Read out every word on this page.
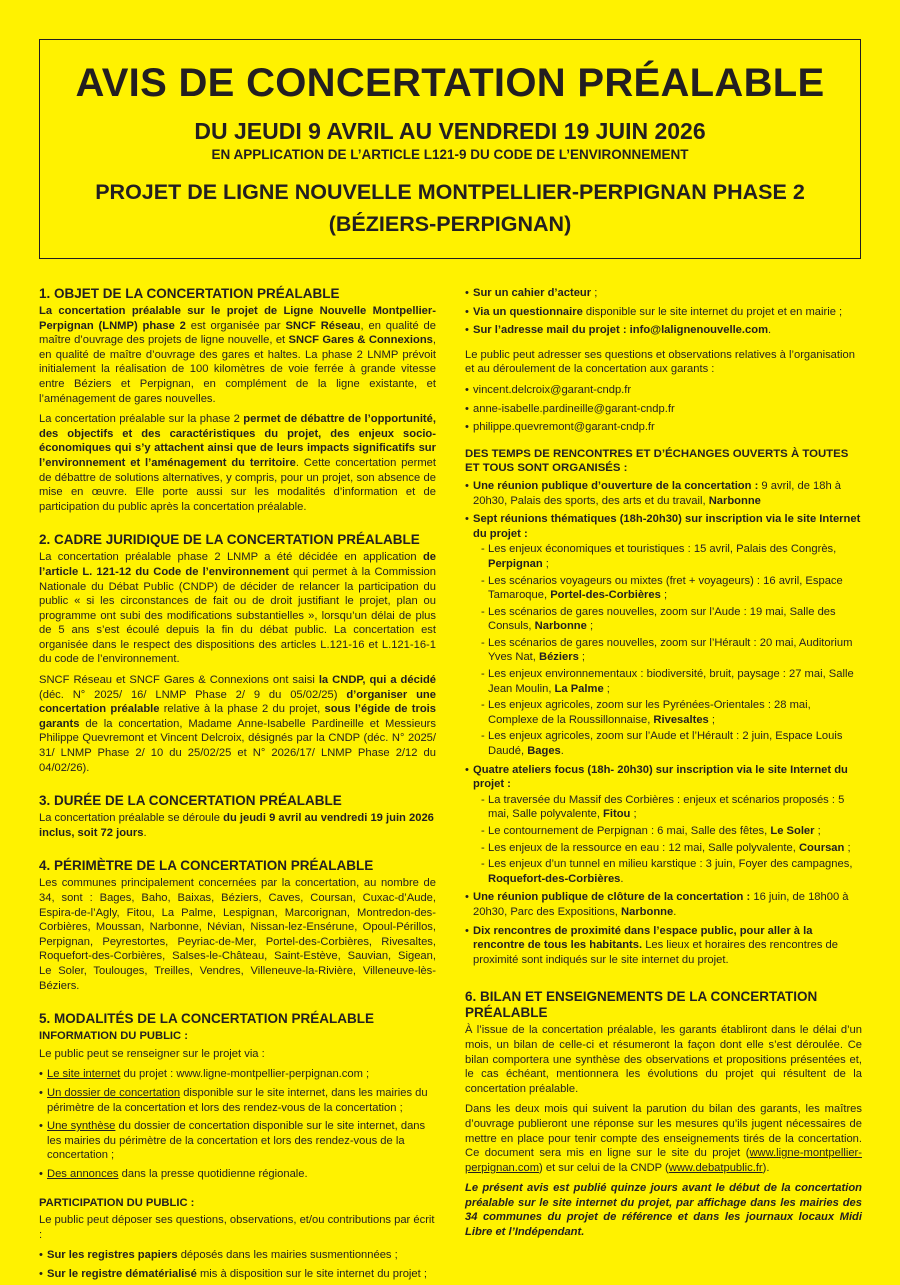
AVIS DE CONCERTATION PRÉALABLE
DU JEUDI 9 AVRIL AU VENDREDI 19 JUIN 2026
EN APPLICATION DE L’ARTICLE L121-9 DU CODE DE L’ENVIRONNEMENT
PROJET DE LIGNE NOUVELLE MONTPELLIER-PERPIGNAN PHASE 2
(BÉZIERS-PERPIGNAN)
1. OBJET DE LA CONCERTATION PRÉALABLE

La concertation préalable sur le projet de Ligne Nouvelle Montpellier-Perpignan (LNMP) phase 2 est organisée par SNCF Réseau, en qualité de maître d’ouvrage des projets de ligne nouvelle, et SNCF Gares & Connexions, en qualité de maître d’ouvrage des gares et haltes. La phase 2 LNMP prévoit initialement la réalisation de 100 kilomètres de voie ferrée à grande vitesse entre Béziers et Perpignan, en complément de la ligne existante, et l’aménagement de gares nouvelles.

La concertation préalable sur la phase 2 permet de débattre de l’opportunité, des objectifs et des caractéristiques du projet, des enjeux socio-économiques qui s’y attachent ainsi que de leurs impacts significatifs sur l’environnement et l’aménagement du territoire. Cette concertation permet de débattre de solutions alternatives, y compris, pour un projet, son absence de mise en œuvre. Elle porte aussi sur les modalités d’information et de participation du public après la concertation préalable.

2. CADRE JURIDIQUE DE LA CONCERTATION PRÉALABLE

La concertation préalable phase 2 LNMP a été décidée en application de l’article L. 121-12 du Code de l’environnement qui permet à la Commission Nationale du Débat Public (CNDP) de décider de relancer la participation du public « si les circonstances de fait ou de droit justifiant le projet, plan ou programme ont subi des modifications substantielles », lorsqu’un délai de plus de 5 ans s’est écoulé depuis la fin du débat public. La concertation est organisée dans le respect des dispositions des articles L.121-16 et L.121-16-1 du code de l’environnement.

SNCF Réseau et SNCF Gares & Connexions ont saisi la CNDP, qui a décidé (déc. N° 2025/ 16/ LNMP Phase 2/ 9 du 05/02/25) d’organiser une concertation préalable relative à la phase 2 du projet, sous l’égide de trois garants de la concertation, Madame Anne-Isabelle Pardineille et Messieurs Philippe Quevremont et Vincent Delcroix, désignés par la CNDP (déc. N° 2025/ 31/ LNMP Phase 2/ 10 du 25/02/25 et N° 2026/17/ LNMP Phase 2/12 du 04/02/26).

3. DURÉE DE LA CONCERTATION PRÉALABLE

La concertation préalable se déroule du jeudi 9 avril au vendredi 19 juin 2026 inclus, soit 72 jours.

4. PÉRIMÈTRE DE LA CONCERTATION PRÉALABLE

Les communes principalement concernées par la concertation, au nombre de 34, sont : Bages, Baho, Baixas, Béziers, Caves, Coursan, Cuxac-d’Aude, Espira-de-l’Agly, Fitou, La Palme, Lespignan, Marcorignan, Montredon-des-Corbières, Moussan, Narbonne, Névian, Nissan-lez-Ensérune, Opoul-Périllos, Perpignan, Peyrestortes, Peyriac-de-Mer, Portel-des-Corbières, Rivesaltes, Roquefort-des-Corbières, Salses-le-Château, Saint-Estève, Sauvian, Sigean, Le Soler, Toulouges, Treilles, Vendres, Villeneuve-la-Rivière, Villeneuve-lès-Béziers.

5. MODALITÉS DE LA CONCERTATION PRÉALABLE
INFORMATION DU PUBLIC :

Le public peut se renseigner sur le projet via :

• Le site internet du projet : www.ligne-montpellier-perpignan.com ;
• Un dossier de concertation disponible sur le site internet, dans les mairies du périmètre de la concertation et lors des rendez-vous de la concertation ;
• Une synthèse du dossier de concertation disponible sur le site internet, dans les mairies du périmètre de la concertation et lors des rendez-vous de la concertation ;
• Des annonces dans la presse quotidienne régionale.
PARTICIPATION DU PUBLIC :

Le public peut déposer ses questions, observations, et/ou contributions par écrit :

• Sur les registres papiers déposés dans les mairies susmentionnées ;
• Sur le registre dématérialisé mis à disposition sur le site internet du projet ;
• Sur un cahier d’acteur ;
• Via un questionnaire disponible sur le site internet du projet et en mairie ;
• Sur l’adresse mail du projet : info@lalignenouvelle.com.

Le public peut adresser ses questions et observations relatives à l’organisation et au déroulement de la concertation aux garants :

• vincent.delcroix@garant-cndp.fr
• anne-isabelle.pardineille@garant-cndp.fr
• philippe.quevremont@garant-cndp.fr
DES TEMPS DE RENCONTRES ET D’ÉCHANGES OUVERTS À TOUTES ET TOUS SONT ORGANISÉS :
• Une réunion publique d’ouverture de la concertation : 9 avril, de 18h à 20h30, Palais des sports, des arts et du travail, Narbonne
• Sept réunions thématiques (18h-20h30) sur inscription via le site Internet du projet :
- Les enjeux économiques et touristiques : 15 avril, Palais des Congrès, Perpignan ;
- Les scénarios voyageurs ou mixtes (fret + voyageurs) : 16 avril, Espace Tamaroque, Portel-des-Corbières ;
- Les scénarios de gares nouvelles, zoom sur l’Aude : 19 mai, Salle des Consuls, Narbonne ;
- Les scénarios de gares nouvelles, zoom sur l’Hérault : 20 mai, Auditorium Yves Nat, Béziers ;
- Les enjeux environnementaux : biodiversité, bruit, paysage : 27 mai, Salle Jean Moulin, La Palme ;
- Les enjeux agricoles, zoom sur les Pyrénées-Orientales : 28 mai, Complexe de la Roussillonnaise, Rivesaltes ;
- Les enjeux agricoles, zoom sur l’Aude et l’Hérault : 2 juin, Espace Louis Daudé, Bages.
• Quatre ateliers focus (18h- 20h30) sur inscription via le site Internet du projet :
- La traversée du Massif des Corbières : enjeux et scénarios proposés : 5 mai, Salle polyvalente, Fitou ;
- Le contournement de Perpignan : 6 mai, Salle des fêtes, Le Soler ;
- Les enjeux de la ressource en eau : 12 mai, Salle polyvalente, Coursan ;
- Les enjeux d’un tunnel en milieu karstique : 3 juin, Foyer des campagnes, Roquefort-des-Corbières.
• Une réunion publique de clôture de la concertation : 16 juin, de 18h00 à 20h30, Parc des Expositions, Narbonne.
• Dix rencontres de proximité dans l’espace public, pour aller à la rencontre de tous les habitants. Les lieux et horaires des rencontres de proximité sont indiqués sur le site internet du projet.
6. BILAN ET ENSEIGNEMENTS DE LA CONCERTATION PRÉALABLE

À l’issue de la concertation préalable, les garants établiront dans le délai d’un mois, un bilan de celle-ci et résumeront la façon dont elle s’est déroulée. Ce bilan comportera une synthèse des observations et propositions présentées et, le cas échéant, mentionnera les évolutions du projet qui résultent de la concertation préalable.

Dans les deux mois qui suivent la parution du bilan des garants, les maîtres d’ouvrage publieront une réponse sur les mesures qu’ils jugent nécessaires de mettre en place pour tenir compte des enseignements tirés de la concertation. Ce document sera mis en ligne sur le site du projet (www.ligne-montpellier-perpignan.com) et sur celui de la CNDP (www.debatpublic.fr).

Le présent avis est publié quinze jours avant le début de la concertation préalable sur le site internet du projet, par affichage dans les mairies des 34 communes du projet de référence et dans les journaux locaux Midi Libre et l’Indépendant.
